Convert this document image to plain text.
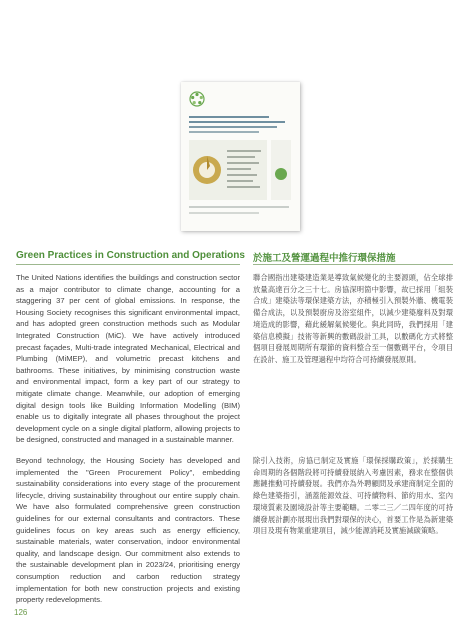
Green Practices in Construction and Operations 於施工及營運過程中推行環保措施

The United Nations identifies the buildings and construction sector as a major contributor to climate change, accounting for a staggering 37 per cent of global emissions. In response, the Housing Society recognises this significant environmental impact, and has adopted green construction methods such as Modular Integrated Construction (MiC). We have actively introduced precast façades, Multi-trade integrated Mechanical, Electrical and Plumbing (MiMEP), and volumetric precast kitchens and bathrooms. These initiatives, by minimising construction waste and environmental impact, form a key part of our strategy to mitigate climate change. Meanwhile, our adoption of emerging digital design tools like Building Information Modelling (BIM) enable us to digitally integrate all phases throughout the project development cycle on a single digital platform, allowing projects to be designed, constructed and managed in a sustainable manner.

Beyond technology, the Housing Society has developed and implemented the "Green Procurement Policy", embedding sustainability considerations into every stage of the procurement lifecycle, driving sustainability throughout our entire supply chain. We have also formulated comprehensive green construction guidelines for our external consultants and contractors. These guidelines focus on key areas such as energy efficiency, sustainable materials, water conservation, indoor environmental quality, and landscape design. Our commitment also extends to the sustainable development plan in 2023/24, prioritising energy consumption reduction and carbon reduction strategy implementation for both new construction projects and existing property redevelopments.

聯合國指出建築建造業是導致氣候變化的主要源頭，佔全球排放量高達百分之三十七。房協深明箇中影響，故已採用「組裝合成」建築法等環保建築方法，亦積極引入預製外牆、機電裝備合成法，以及預製廚房及浴室組件，以減少建築廢料及對環境造成的影響，藉此緩解氣候變化。與此同時，我們採用「建築信息模擬」技術等新興的數碼設計工具，以數碼化方式將整個項目發展周期所有環節的資料整合至一個數碼平台，令項目在設計、施工及管理過程中均符合可持續發展原則。

除引入技術，房協已制定及實施「環保採購政策」，於採購生命周期的各個階段將可持續發展納入考慮因素，務求在整個供應鏈推動可持續發展。我們亦為外聘顧問及承建商制定全面的綠色建築指引，涵蓋能源效益、可持續物料、節約用水、室內環境質素及園境設計等主要範疇。二零二三／二四年度的可持續發展計劃亦展現出我們對環保的決心，首要工作是為新建築項目及現有物業重建項目，減少能源消耗及實施減碳策略。

126
